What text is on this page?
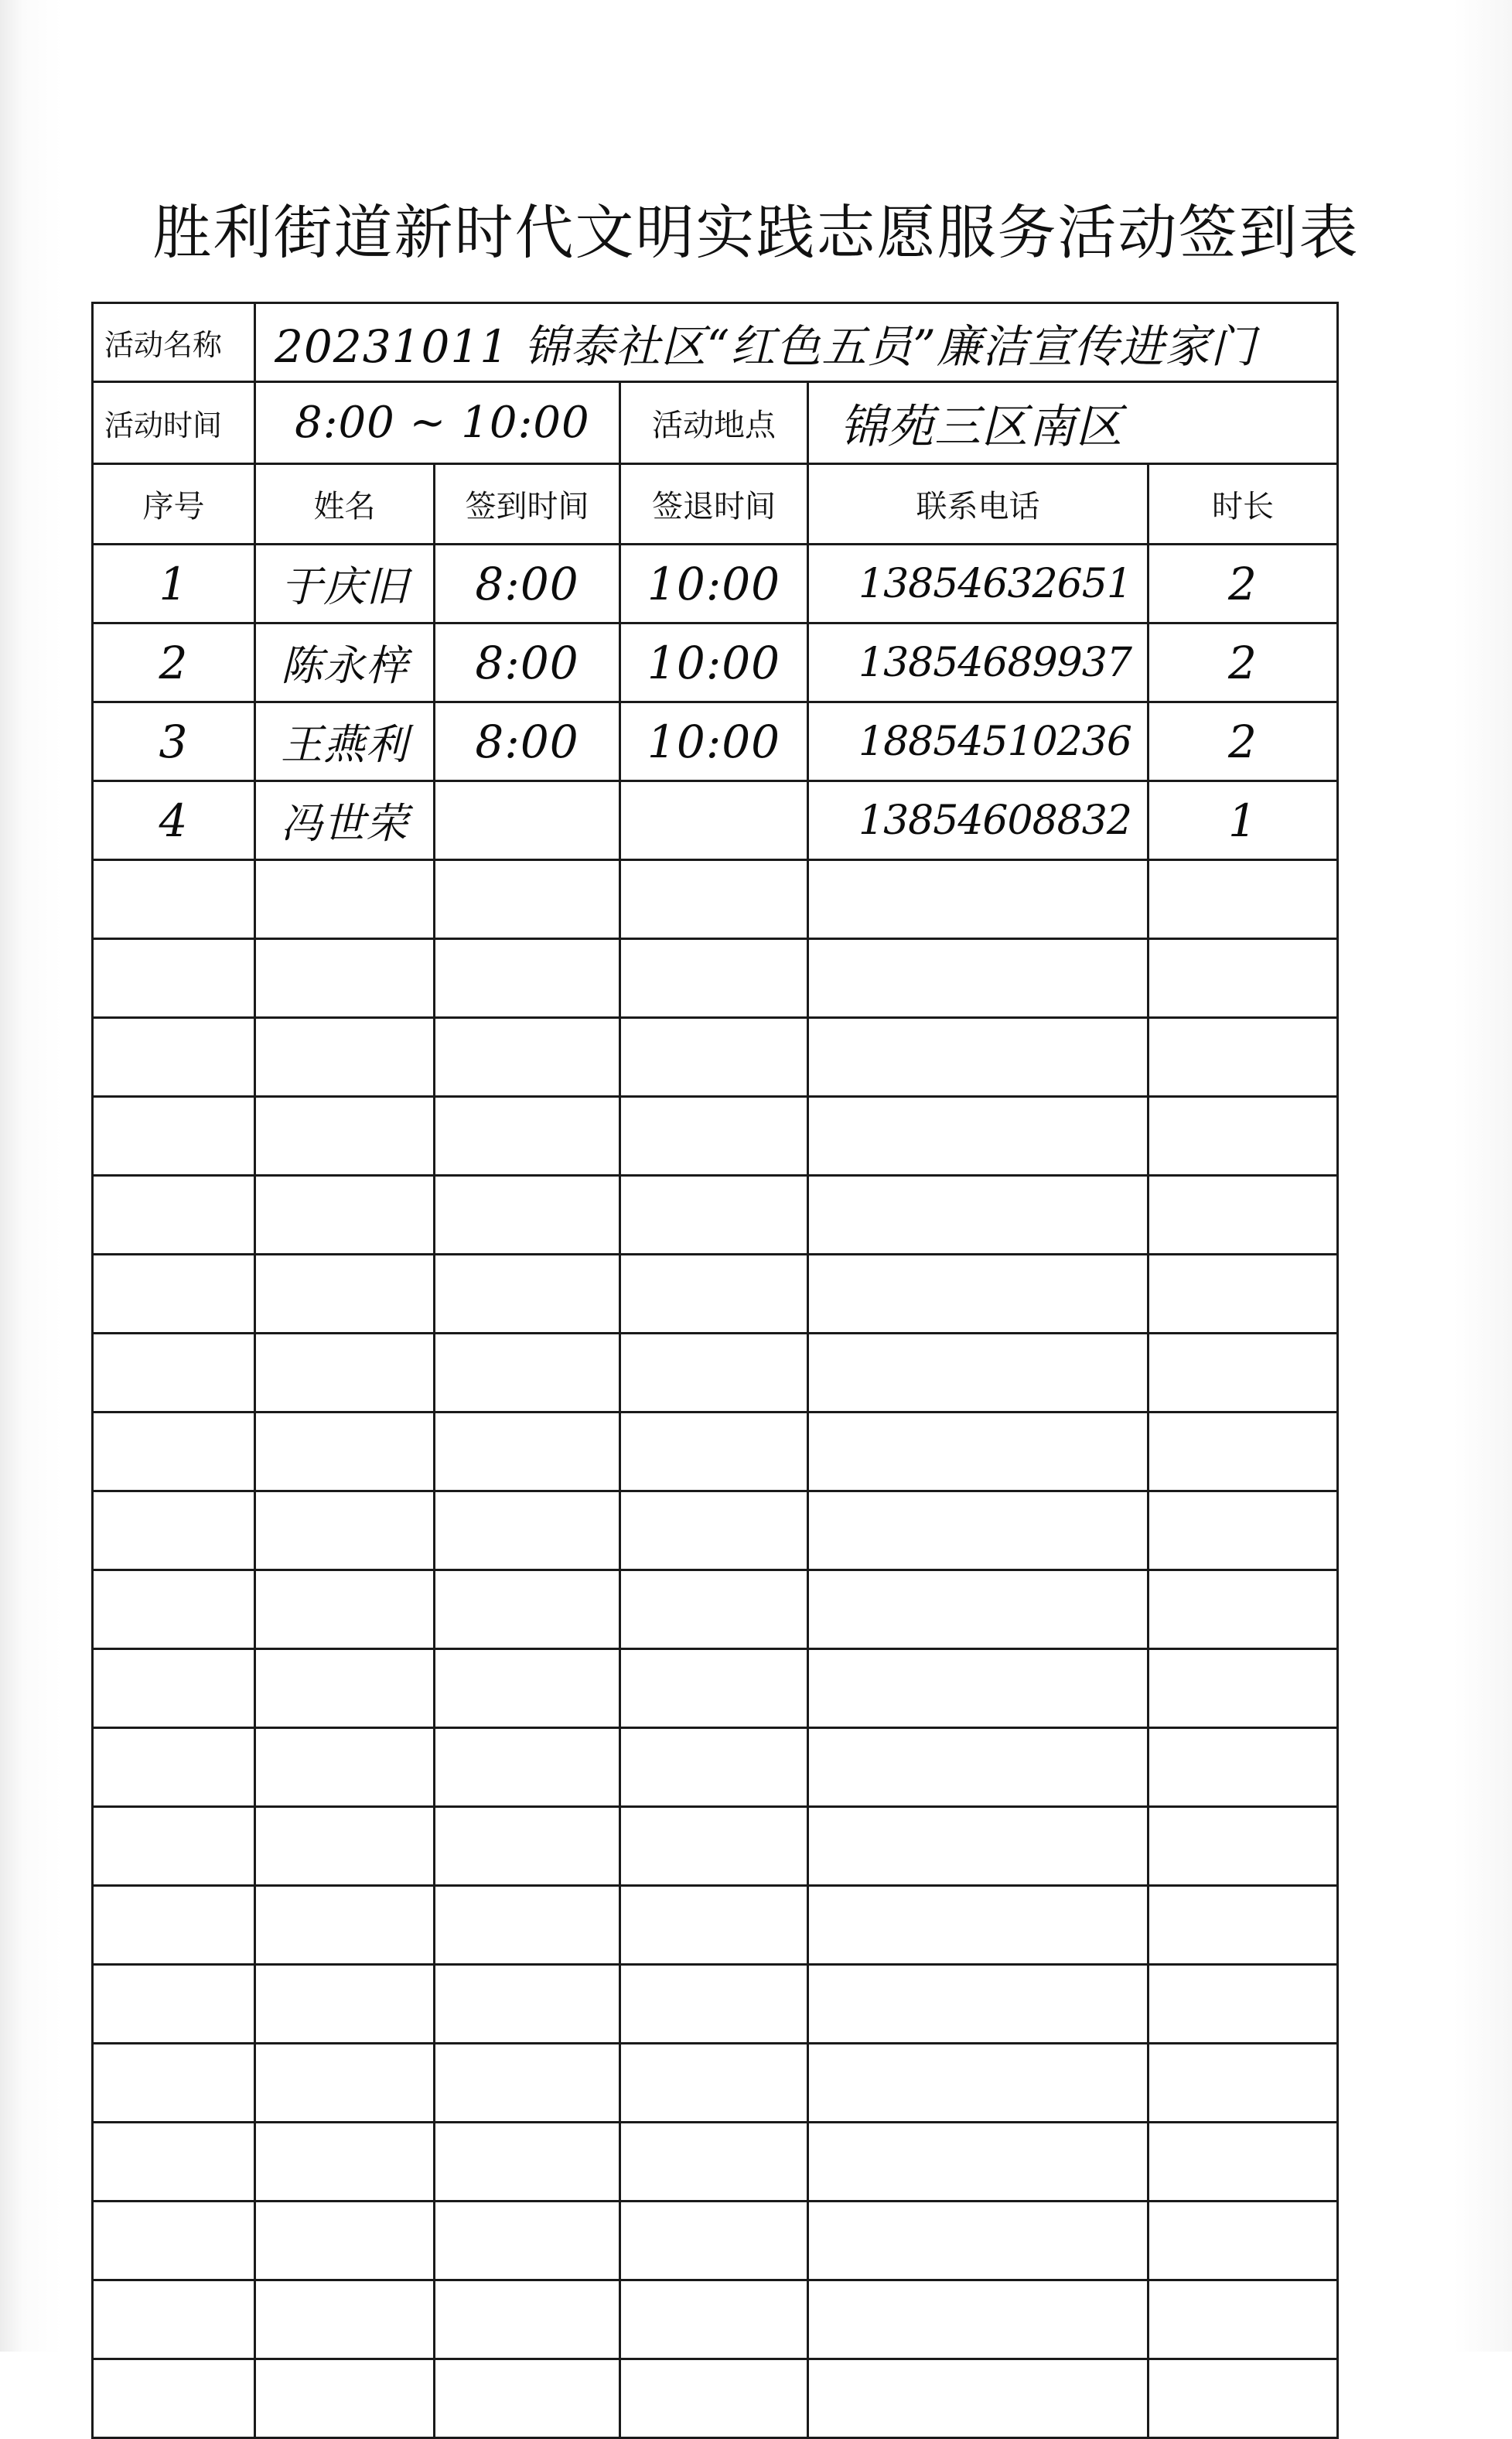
胜利街道新时代文明实践志愿服务活动签到表
活动名称	20231011 锦泰社区“红色五员”廉洁宣传进家门				
活动时间	8:00 ~ 10:00		活动地点	锦苑三区南区	
序号	姓名	签到时间	签退时间	联系电话	时长
1	于庆旧	8:00	10:00	13854632651	2
2	陈永梓	8:00	10:00	13854689937	2
3	王燕利	8:00	10:00	18854510236	2
4	冯世荣			13854608832	1
